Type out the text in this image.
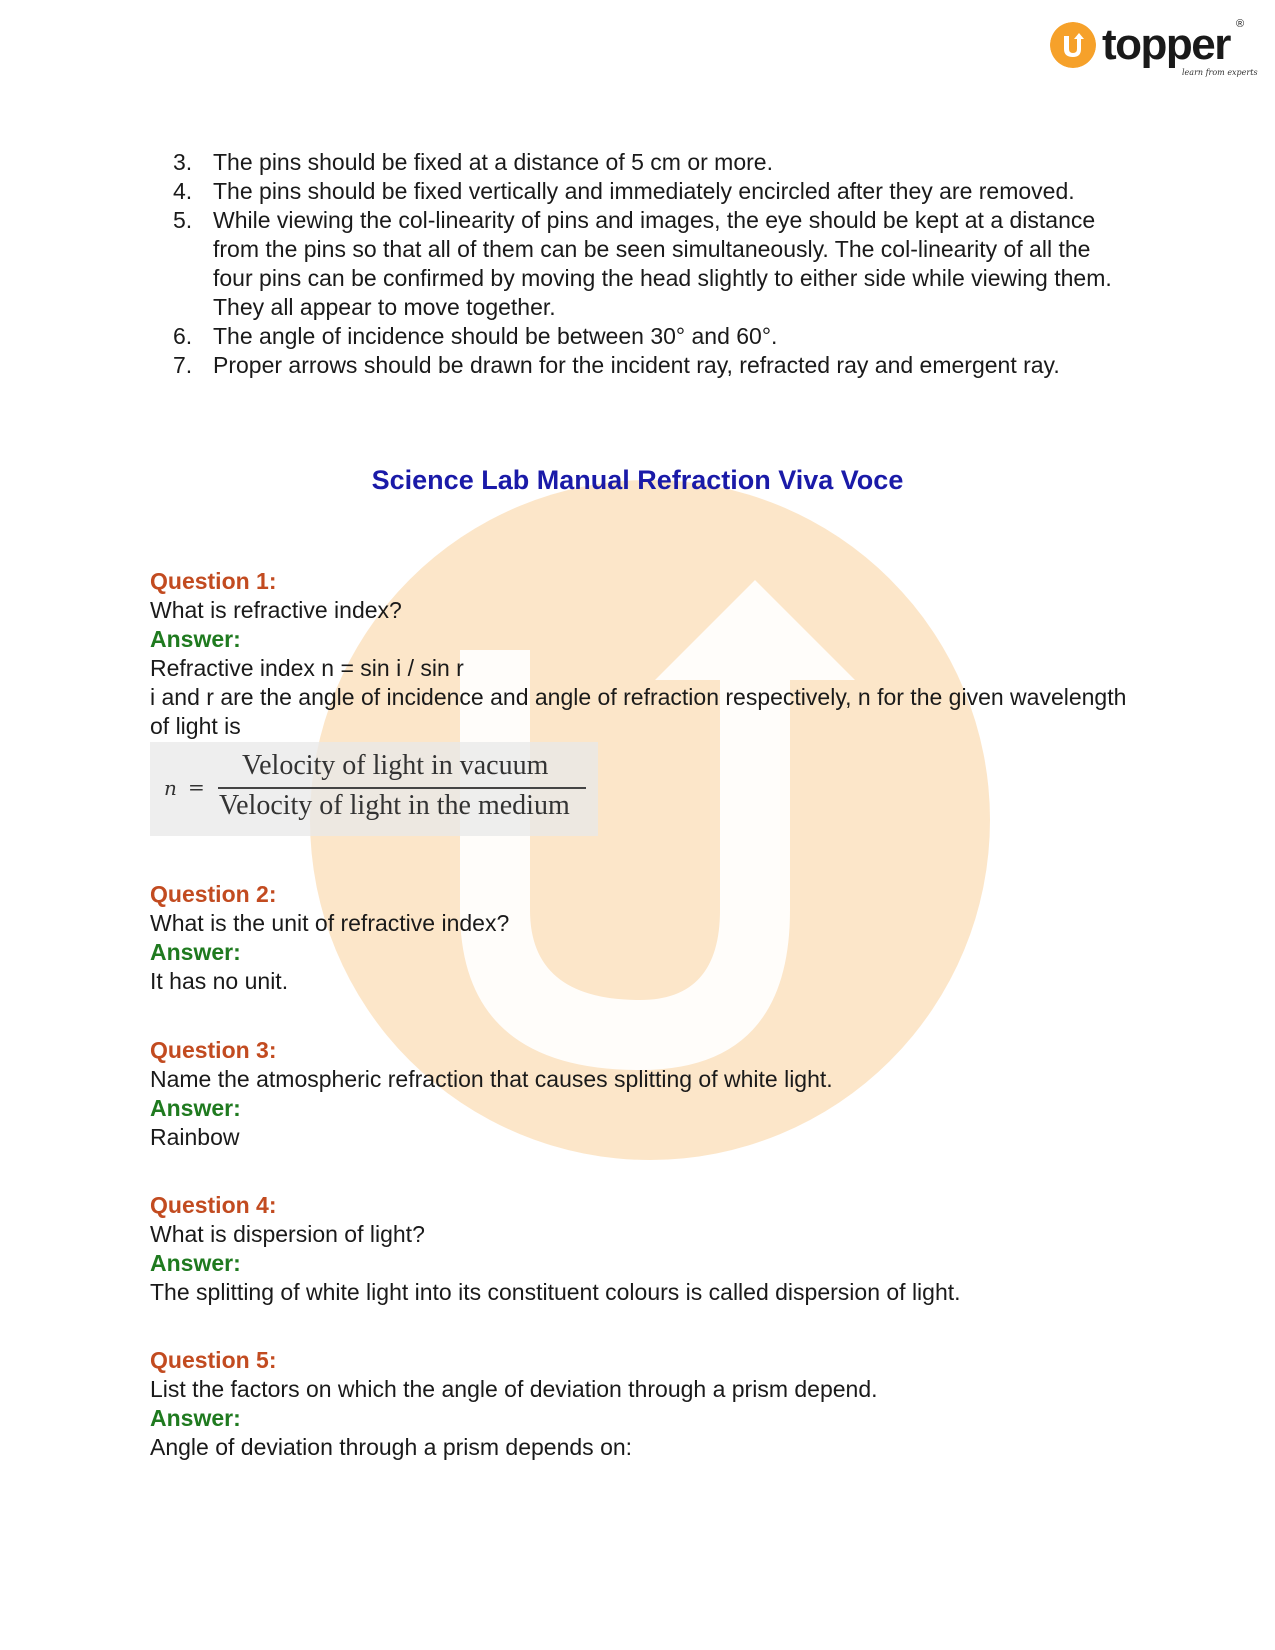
topper ®
learn from experts
3. The pins should be fixed at a distance of 5 cm or more.
4. The pins should be fixed vertically and immediately encircled after they are removed.
5. While viewing the col-linearity of pins and images, the eye should be kept at a distance from the pins so that all of them can be seen simultaneously. The col-linearity of all the four pins can be confirmed by moving the head slightly to either side while viewing them. They all appear to move together.
6. The angle of incidence should be between 30° and 60°.
7. Proper arrows should be drawn for the incident ray, refracted ray and emergent ray.
Science Lab Manual Refraction Viva Voce
Question 1:
What is refractive index?
Answer:
Refractive index n = sin i / sin r
i and r are the angle of incidence and angle of refraction respectively, n for the given wavelength of light is
n =
Velocity of light in vacuum
Velocity of light in the medium
Question 2:
What is the unit of refractive index?
Answer:
It has no unit.
Question 3:
Name the atmospheric refraction that causes splitting of white light.
Answer:
Rainbow
Question 4:
What is dispersion of light?
Answer:
The splitting of white light into its constituent colours is called dispersion of light.
Question 5:
List the factors on which the angle of deviation through a prism depend.
Answer:
Angle of deviation through a prism depends on:
